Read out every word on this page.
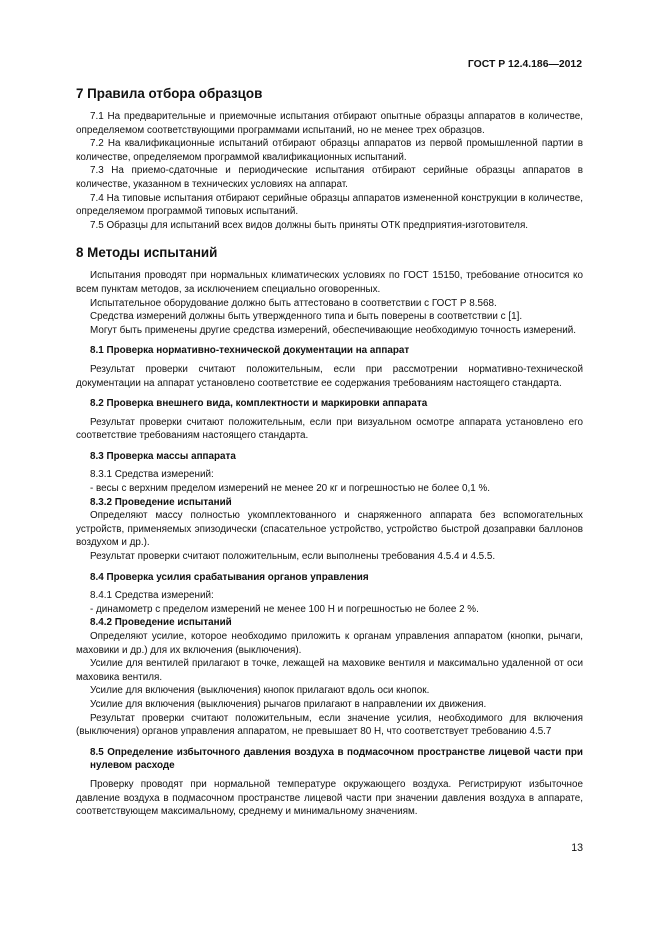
ГОСТ Р 12.4.186—2012
7 Правила отбора образцов

7.1 На предварительные и приемочные испытания отбирают опытные образцы аппаратов в количестве, определяемом соответствующими программами испытаний, но не менее трех образцов.

7.2 На квалификационные испытаний отбирают образцы аппаратов из первой промышленной партии в количестве, определяемом программой квалификационных испытаний.

7.3 На приемо-сдаточные и периодические испытания отбирают серийные образцы аппаратов в количестве, указанном в технических условиях на аппарат.

7.4 На типовые испытания отбирают серийные образцы аппаратов измененной конструкции в количестве, определяемом программой типовых испытаний.

7.5 Образцы для испытаний всех видов должны быть приняты ОТК предприятия-изготовителя.

8 Методы испытаний

Испытания проводят при нормальных климатических условиях по ГОСТ 15150, требование относится ко всем пунктам методов, за исключением специально оговоренных.

Испытательное оборудование должно быть аттестовано в соответствии с ГОСТ Р 8.568.

Средства измерений должны быть утвержденного типа и быть поверены в соответствии с [1].

Могут быть применены другие средства измерений, обеспечивающие необходимую точность измерений.

8.1 Проверка нормативно-технической документации на аппарат

Результат проверки считают положительным, если при рассмотрении нормативно-технической документации на аппарат установлено соответствие ее содержания требованиям настоящего стандарта.

8.2 Проверка внешнего вида, комплектности и маркировки аппарата

Результат проверки считают положительным, если при визуальном осмотре аппарата установлено его соответствие требованиям настоящего стандарта.

8.3 Проверка массы аппарата

8.3.1 Средства измерений:

- весы с верхним пределом измерений не менее 20 кг и погрешностью не более 0,1 %.

8.3.2 Проведение испытаний

Определяют массу полностью укомплектованного и снаряженного аппарата без вспомогательных устройств, применяемых эпизодически (спасательное устройство, устройство быстрой дозаправки баллонов воздухом и др.).

Результат проверки считают положительным, если выполнены требования 4.5.4 и 4.5.5.

8.4 Проверка усилия срабатывания органов управления

8.4.1 Средства измерений:

- динамометр с пределом измерений не менее 100 Н и погрешностью не более 2 %.

8.4.2 Проведение испытаний

Определяют усилие, которое необходимо приложить к органам управления аппаратом (кнопки, рычаги, маховики и др.) для их включения (выключения).

Усилие для вентилей прилагают в точке, лежащей на маховике вентиля и максимально удаленной от оси маховика вентиля.

Усилие для включения (выключения) кнопок прилагают вдоль оси кнопок.

Усилие для включения (выключения) рычагов прилагают в направлении их движения.

Результат проверки считают положительным, если значение усилия, необходимого для включения (выключения) органов управления аппаратом, не превышает 80 Н, что соответствует требованию 4.5.7

8.5 Определение избыточного давления воздуха в подмасочном пространстве лицевой части при нулевом расходе

Проверку проводят при нормальной температуре окружающего воздуха. Регистрируют избыточное давление воздуха в подмасочном пространстве лицевой части при значении давления воздуха в аппарате, соответствующем максимальному, среднему и минимальному значениям.

13
